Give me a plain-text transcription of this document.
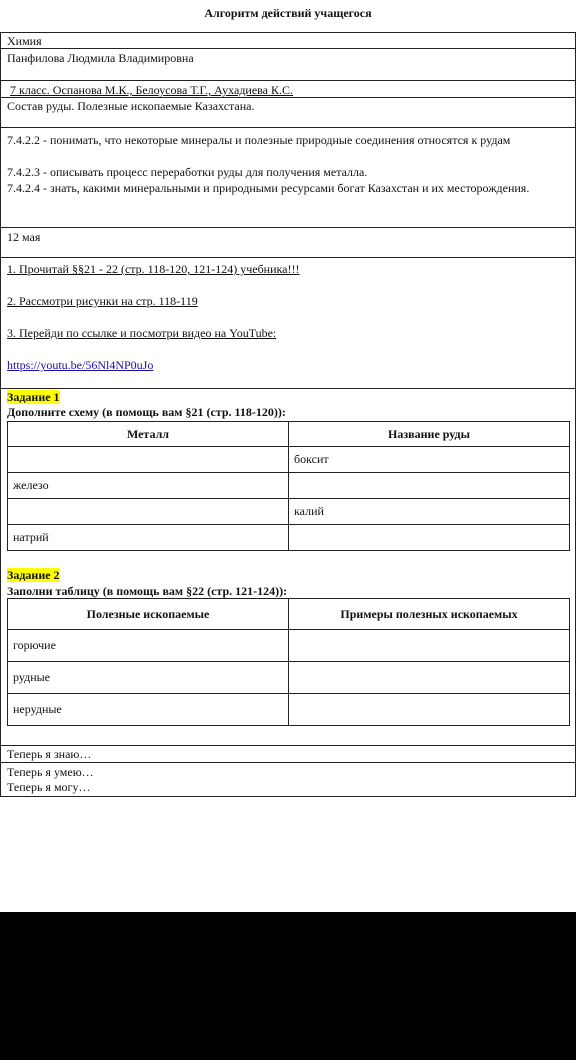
Алгоритм действий учащегося
Химия
Панфилова Людмила Владимировна
7 класс. Оспанова М.К., Белоусова Т.Г., Аухадиева К.С.
Состав руды. Полезные ископаемые Казахстана.
7.4.2.2 - понимать, что некоторые минералы и полезные природные соединения относятся к рудам
7.4.2.3 - описывать процесс переработки руды для получения металла.
7.4.2.4 - знать, какими минеральными и природными ресурсами богат Казахстан и их месторождения.
12 мая
1. Прочитай §§21 - 22 (стр. 118-120, 121-124) учебника!!!
2. Рассмотри рисунки на стр. 118-119
3. Перейди по ссылке и посмотри видео на YouTube:
https://youtu.be/56Nl4NP0uJo
Задание 1
Дополните схему (в помощь вам §21 (стр. 118-120)):
Металл	Название руды
	боксит
железо	
	калий
натрий	
Задание 2
Заполни таблицу (в помощь вам §22 (стр. 121-124)):
Полезные ископаемые	Примеры полезных ископаемых
горючие	
рудные	
нерудные	
Теперь я знаю…
Теперь я умею…
Теперь я могу…
